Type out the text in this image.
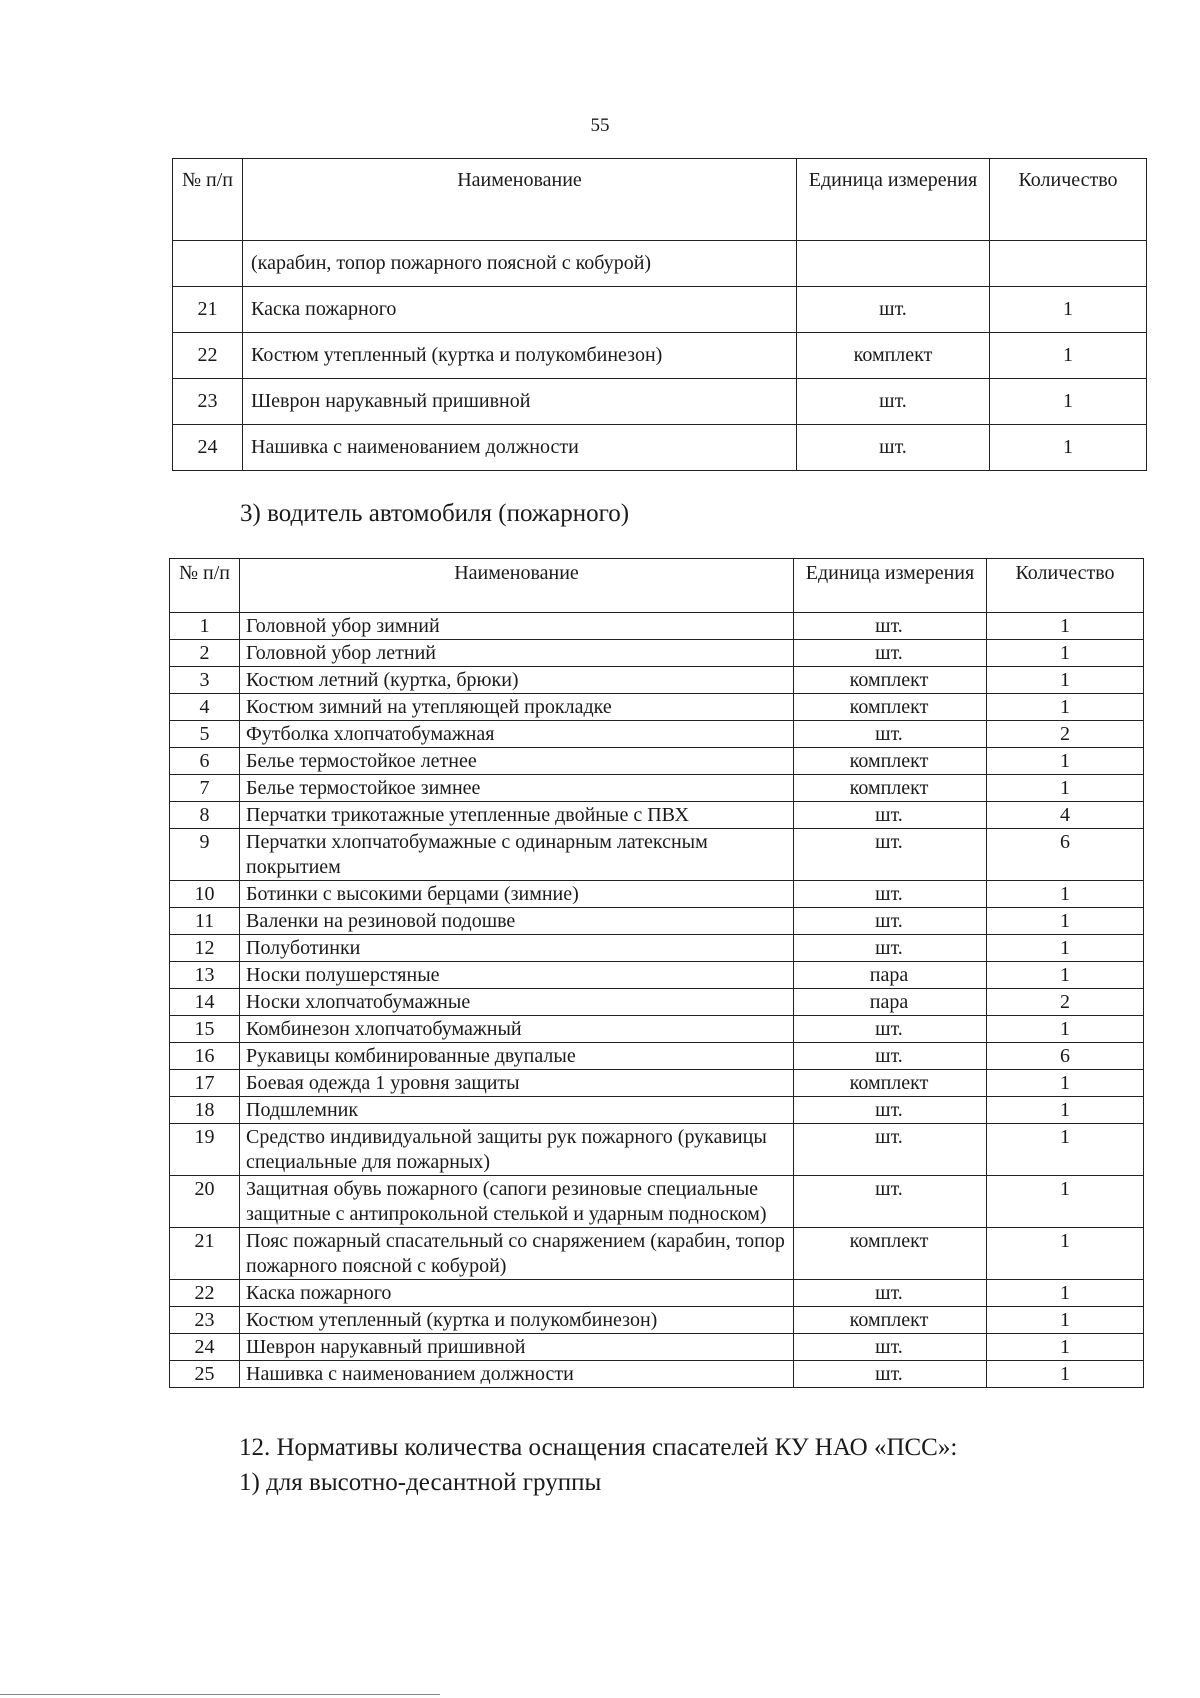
55
№ п/п	Наименование	Единица измерения	Количество
	(карабин, топор пожарного поясной с кобурой)		
21	Каска пожарного	шт.	1
22	Костюм утепленный (куртка и полукомбинезон)	комплект	1
23	Шеврон нарукавный пришивной	шт.	1
24	Нашивка с наименованием должности	шт.	1
3) водитель автомобиля (пожарного)
№ п/п	Наименование	Единица измерения	Количество
1	Головной убор зимний	шт.	1
2	Головной убор летний	шт.	1
3	Костюм летний (куртка, брюки)	комплект	1
4	Костюм зимний на утепляющей прокладке	комплект	1
5	Футболка хлопчатобумажная	шт.	2
6	Белье термостойкое летнее	комплект	1
7	Белье термостойкое зимнее	комплект	1
8	Перчатки трикотажные утепленные двойные с ПВХ	шт.	4
9	Перчатки хлопчатобумажные с одинарным латексным покрытием	шт.	6
10	Ботинки с высокими берцами (зимние)	шт.	1
11	Валенки на резиновой подошве	шт.	1
12	Полуботинки	шт.	1
13	Носки полушерстяные	пара	1
14	Носки хлопчатобумажные	пара	2
15	Комбинезон хлопчатобумажный	шт.	1
16	Рукавицы комбинированные двупалые	шт.	6
17	Боевая одежда 1 уровня защиты	комплект	1
18	Подшлемник	шт.	1
19	Средство индивидуальной защиты рук пожарного (рукавицы специальные для пожарных)	шт.	1
20	Защитная обувь пожарного (сапоги резиновые специальные защитные с антипрокольной стелькой и ударным подноском)	шт.	1
21	Пояс пожарный спасательный со снаряжением (карабин, топор пожарного поясной с кобурой)	комплект	1
22	Каска пожарного	шт.	1
23	Костюм утепленный (куртка и полукомбинезон)	комплект	1
24	Шеврон нарукавный пришивной	шт.	1
25	Нашивка с наименованием должности	шт.	1
12. Нормативы количества оснащения спасателей КУ НАО «ПСС»:
1) для высотно-десантной группы
